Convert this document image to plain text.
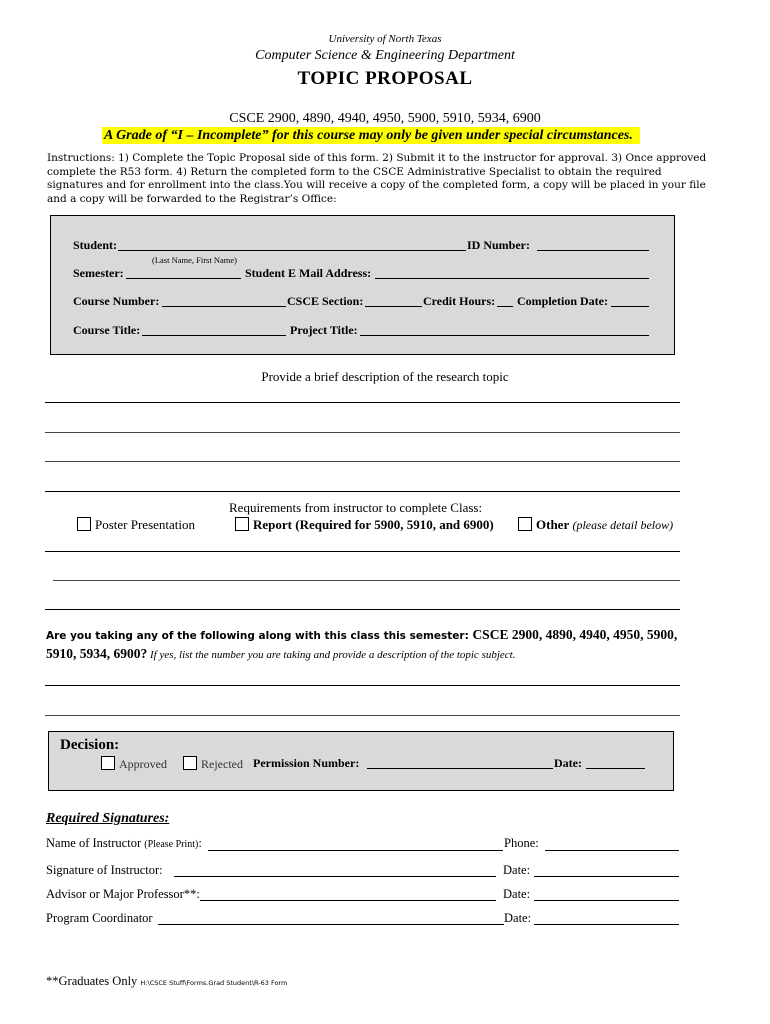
University of North Texas
Computer Science & Engineering Department
TOPIC PROPOSAL
CSCE 2900, 4890, 4940, 4950, 5900, 5910, 5934, 6900
A Grade of “I – Incomplete” for this course may only be given under special circumstances.
Instructions: 1) Complete the Topic Proposal side of this form. 2) Submit it to the instructor for approval. 3) Once approved complete the R53 form. 4) Return the completed form to the CSCE Administrative Specialist to obtain the required signatures and for enrollment into the class.You will receive a copy of the completed form, a copy will be placed in your file and a copy will be forwarded to the Registrar’s Office:
Student:	ID Number:
(Last Name, First Name)
Semester:	Student E Mail Address:
Course Number:	CSCE Section:	Credit Hours: Completion Date:
Course Title:	Project Title:
Provide a brief description of the research topic
Requirements from instructor to complete Class:
Poster Presentation	Report (Required for 5900, 5910, and 6900)	Other (please detail below)
Are you taking any of the following along with this class this semester: CSCE 2900, 4890, 4940, 4950, 5900,
5910, 5934, 6900? If yes, list the number you are taking and provide a description of the topic subject.
Decision:
Approved	Rejected Permission Number:	Date:
Required Signatures:
Name of Instructor (Please Print):	Phone:
Signature of Instructor:	Date:
Advisor or Major Professor**:	Date:
Program Coordinator	Date:
**Graduates Only H:\CSCE Stuff\Forms.Grad Student\R-63 Form
